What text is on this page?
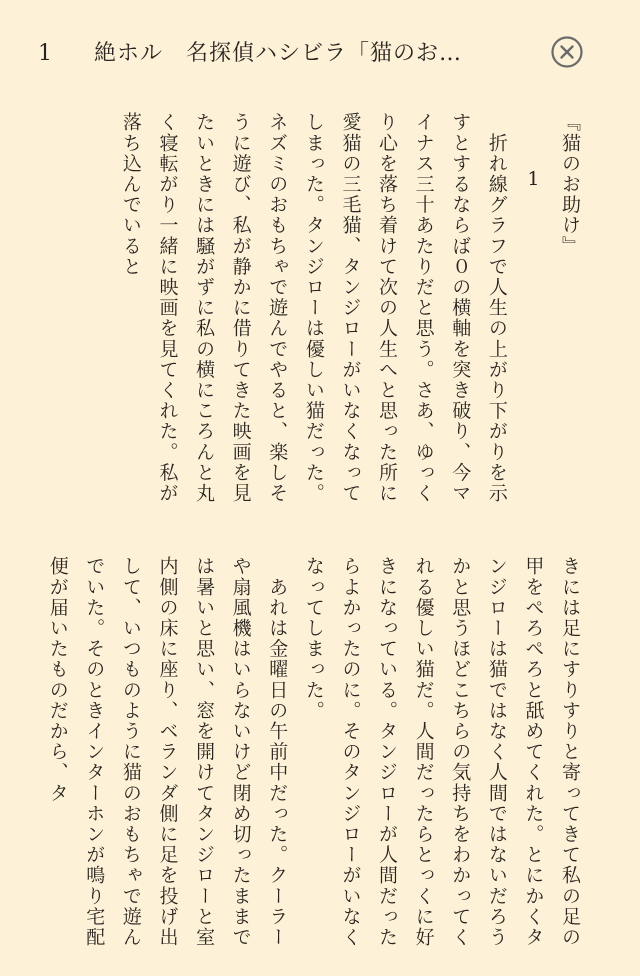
1 絶ホル　名探偵ハシビラ「猫のお…

『猫のお助け』

1

　折れ線グラフで人生の上がり下がりを示すとするならば０の横軸を突き破り、今マイナス三十あたりだと思う。さあ、ゆっくり心を落ち着けて次の人生へと思った所に愛猫の三毛猫、タンジローがいなくなってしまった。タンジローは優しい猫だった。ネズミのおもちゃで遊んでやると、楽しそうに遊び、私が静かに借りてきた映画を見たいときには騒がずに私の横にころんと丸く寝転がり一緒に映画を見てくれた。私が落ち込んでいると

きには足にすりすりと寄ってきて私の足の甲をぺろぺろと舐めてくれた。とにかくタンジローは猫ではなく人間ではないだろうかと思うほどこちらの気持ちをわかってくれる優しい猫だ。人間だったらとっくに好きになっている。タンジローが人間だったらよかったのに。そのタンジローがいなくなってしまった。

　あれは金曜日の午前中だった。クーラーや扇風機はいらないけど閉め切ったままでは暑いと思い、窓を開けてタンジローと室内側の床に座り、ベランダ側に足を投げ出して、いつものように猫のおもちゃで遊んでいた。そのときインターホンが鳴り宅配便が届いたものだから、タ
